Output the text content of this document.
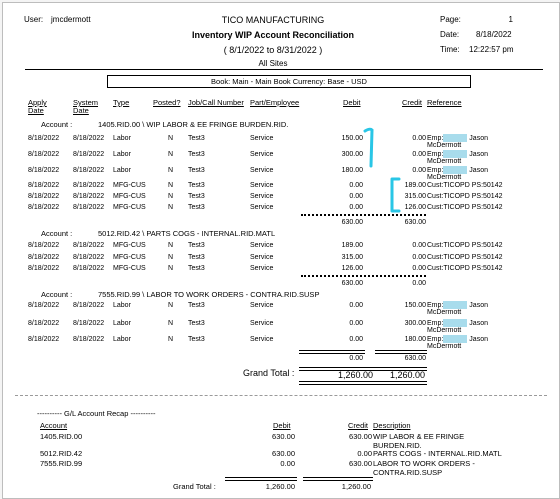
User: jmcdermott	TICO MANUFACTURING
Inventory WIP Account Reconciliation
( 8/1/2022 to 8/31/2022 )
All Sites
Page:	1
Date: 8/18/2022
Time: 12:22:57 pm
Book: Main - Main Book Currency: Base - USD
Apply
Date
System
Date
Type	Posted? Job/Call Number Part/Employee	Debit	Credit Reference
Account :	1405.RID.00 \ WIP LABOR & EE FRINGE BURDEN.RID.
8/18/2022 8/18/2022 Labor	N Test3	Service	150.00	0.00 Emp:	Jason
McDermott
8/18/2022 8/18/2022 Labor	N Test3	Service	300.00	0.00 Emp:	Jason
McDermott
8/18/2022 8/18/2022 Labor	N Test3	Service	180.00	0.00 Emp:	Jason
McDermott
8/18/2022 8/18/2022 MFG-CUS	N Test3	Service	0.00	189.00 Cust:TICOPD PS:50142
8/18/2022 8/18/2022 MFG-CUS	N Test3	Service	0.00	315.00 Cust:TICOPD PS:50142
8/18/2022 8/18/2022 MFG-CUS	N Test3	Service	0.00	126.00 Cust:TICOPD PS:50142
630.00	630.00
Account :	5012.RID.42 \ PARTS COGS - INTERNAL.RID.MATL
8/18/2022 8/18/2022 MFG-CUS	N Test3	Service	189.00	0.00 Cust:TICOPD PS:50142
8/18/2022 8/18/2022 MFG-CUS	N Test3	Service	315.00	0.00 Cust:TICOPD PS:50142
8/18/2022 8/18/2022 MFG-CUS	N Test3	Service	126.00	0.00 Cust:TICOPD PS:50142
630.00	0.00
Account :	7555.RID.99 \ LABOR TO WORK ORDERS - CONTRA.RID.SUSP
8/18/2022 8/18/2022 Labor	N Test3	Service	0.00	150.00 Emp:	Jason
McDermott
8/18/2022 8/18/2022 Labor	N Test3	Service	0.00	300.00 Emp:	Jason
McDermott
8/18/2022 8/18/2022 Labor	N Test3	Service	0.00	180.00 Emp:	Jason
McDermott
0.00	630.00
Grand Total :	1,260.00	1,260.00
---------- G/L Account Recap ----------
Account	Debit	Credit Description
1405.RID.00	630.00	630.00 WIP LABOR & EE FRINGE BURDEN.RID.
5012.RID.42	630.00	0.00 PARTS COGS - INTERNAL.RID.MATL
7555.RID.99	0.00	630.00 LABOR TO WORK ORDERS - CONTRA.RID.SUSP
Grand Total :	1,260.00	1,260.00
